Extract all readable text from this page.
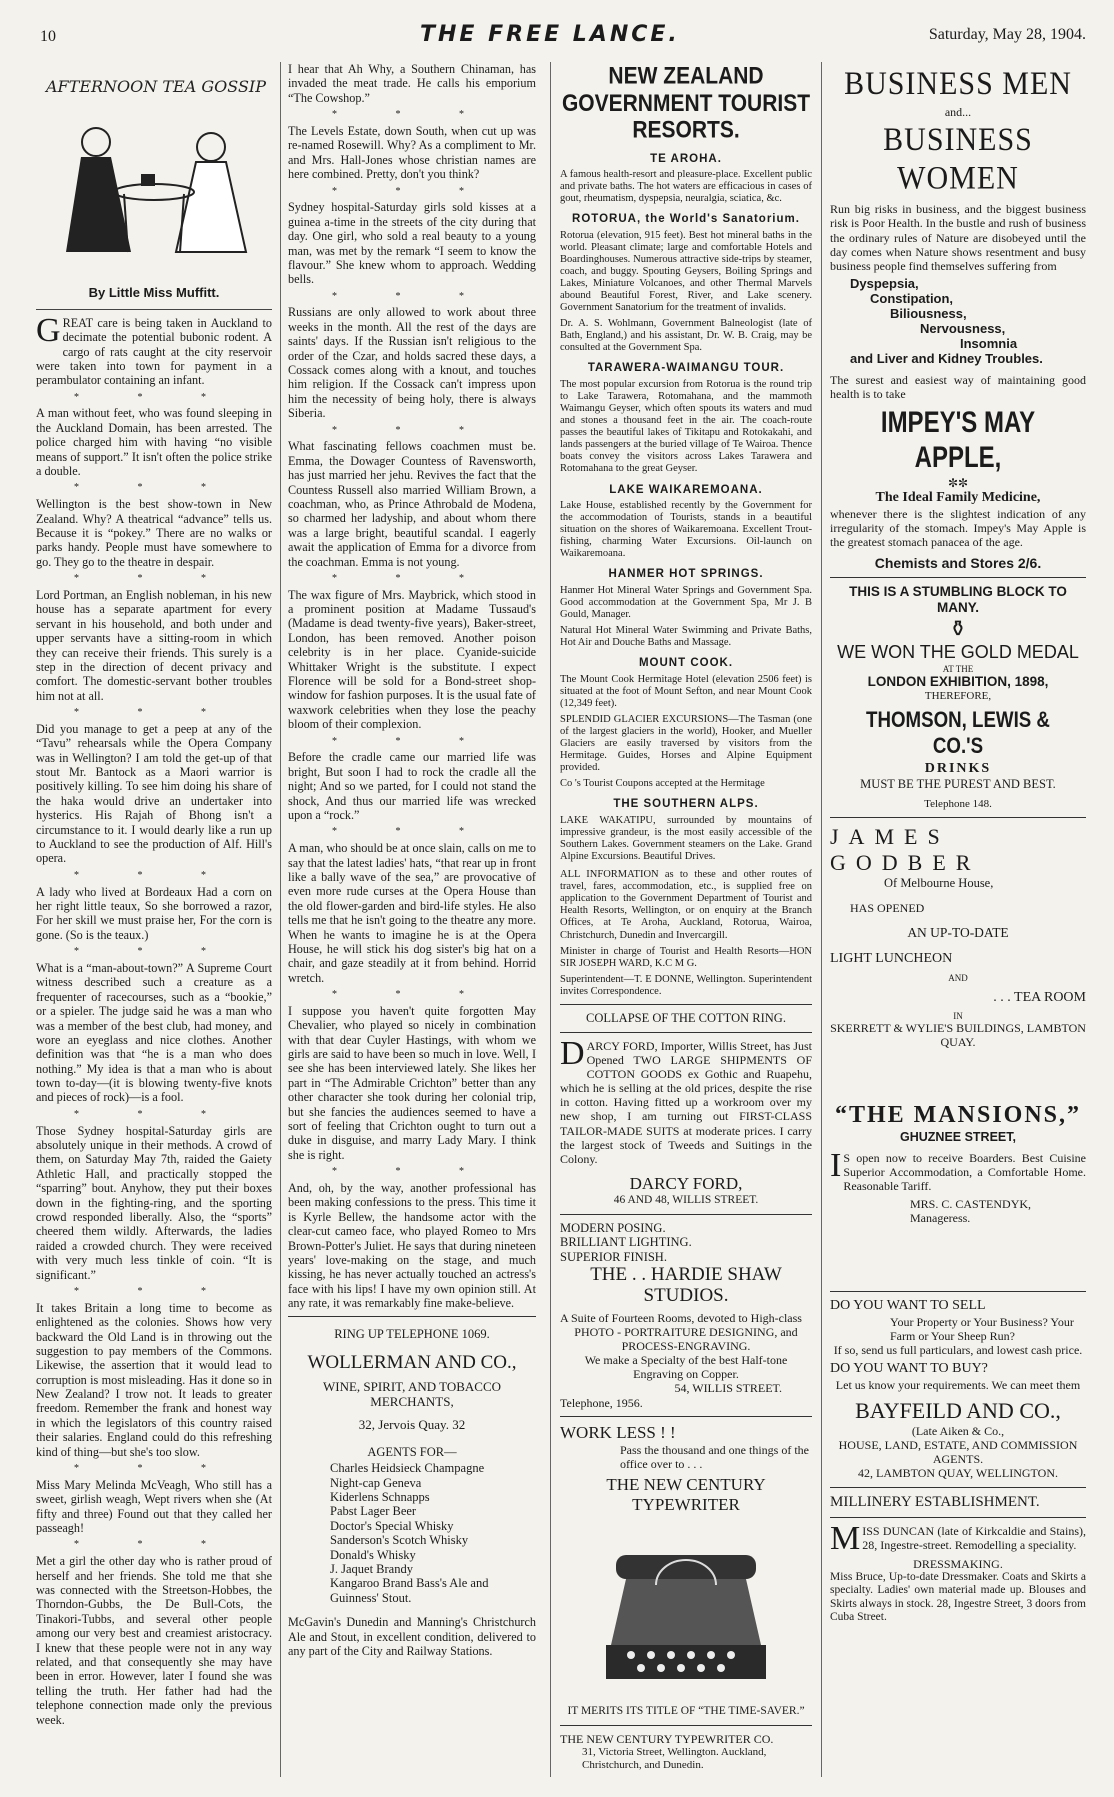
10	THE FREE LANCE.	Saturday, May 28, 1904.
AFTERNOON TEA GOSSIP
By Little Miss Muffitt.

GREAT care is being taken in Auckland to decimate the potential bubonic rodent. A cargo of rats caught at the city reservoir were taken into town for payment in a perambulator containing an infant.

* * *

A man without feet, who was found sleeping in the Auckland Domain, has been arrested. The police charged him with having “no visible means of support.” It isn't often the police strike a double.

* * *

Wellington is the best show-town in New Zealand. Why? A theatrical “advance” tells us. Because it is “pokey.” There are no walks or parks handy. People must have somewhere to go. They go to the theatre in despair.

* * *

Lord Portman, an English nobleman, in his new house has a separate apartment for every servant in his household, and both under and upper servants have a sitting-room in which they can receive their friends. This surely is a step in the direction of decent privacy and comfort. The domestic-servant bother troubles him not at all.

* * *

Did you manage to get a peep at any of the “Tavu” rehearsals while the Opera Company was in Wellington? I am told the get-up of that stout Mr. Bantock as a Maori warrior is positively killing. To see him doing his share of the haka would drive an undertaker into hysterics. His Rajah of Bhong isn't a circumstance to it. I would dearly like a run up to Auckland to see the production of Alf. Hill's opera.

* * *

A lady who lived at Bordeaux Had a corn on her right little teaux, So she borrowed a razor, For her skill we must praise her, For the corn is gone. (So is the teaux.)

* * *

What is a “man-about-town?” A Supreme Court witness described such a creature as a frequenter of racecourses, such as a “bookie,” or a spieler. The judge said he was a man who was a member of the best club, had money, and wore an eyeglass and nice clothes. Another definition was that “he is a man who does nothing.” My idea is that a man who is about town to-day—(it is blowing twenty-five knots and pieces of rock)—is a fool.

* * *

Those Sydney hospital-Saturday girls are absolutely unique in their methods. A crowd of them, on Saturday May 7th, raided the Gaiety Athletic Hall, and practically stopped the “sparring” bout. Anyhow, they put their boxes down in the fighting-ring, and the sporting crowd responded liberally. Also, the “sports” cheered them wildly. Afterwards, the ladies raided a crowded church. They were received with very much less tinkle of coin. “It is significant.”

* * *

It takes Britain a long time to become as enlightened as the colonies. Shows how very backward the Old Land is in throwing out the suggestion to pay members of the Commons. Likewise, the assertion that it would lead to corruption is most misleading. Has it done so in New Zealand? I trow not. It leads to greater freedom. Remember the frank and honest way in which the legislators of this country raised their salaries. England could do this refreshing kind of thing—but she's too slow.

* * *

Miss Mary Melinda McVeagh, Who still has a sweet, girlish weagh, Wept rivers when she (At fifty and three) Found out that they called her passeagh!

* * *

Met a girl the other day who is rather proud of herself and her friends. She told me that she was connected with the Streetson-Hobbes, the Thorndon-Gubbs, the De Bull-Cots, the Tinakori-Tubbs, and several other people among our very best and creamiest aristocracy. I knew that these people were not in any way related, and that consequently she may have been in error. However, later I found she was telling the truth. Her father had had the telephone connection made only the previous week.

I hear that Ah Why, a Southern Chinaman, has invaded the meat trade. He calls his emporium “The Cowshop.”

* * *

The Levels Estate, down South, when cut up was re-named Rosewill. Why? As a compliment to Mr. and Mrs. Hall-Jones whose christian names are here combined. Pretty, don't you think?

* * *

Sydney hospital-Saturday girls sold kisses at a guinea a-time in the streets of the city during that day. One girl, who sold a real beauty to a young man, was met by the remark “I seem to know the flavour.” She knew whom to approach. Wedding bells.

* * *

Russians are only allowed to work about three weeks in the month. All the rest of the days are saints' days. If the Russian isn't religious to the order of the Czar, and holds sacred these days, a Cossack comes along with a knout, and touches him religion. If the Cossack can't impress upon him the necessity of being holy, there is always Siberia.

* * *

What fascinating fellows coachmen must be. Emma, the Dowager Countess of Ravensworth, has just married her jehu. Revives the fact that the Countess Russell also married William Brown, a coachman, who, as Prince Athrobald de Modena, so charmed her ladyship, and about whom there was a large bright, beautiful scandal. I eagerly await the application of Emma for a divorce from the coachman. Emma is not young.

* * *

The wax figure of Mrs. Maybrick, which stood in a prominent position at Madame Tussaud's (Madame is dead twenty-five years), Baker-street, London, has been removed. Another poison celebrity is in her place. Cyanide-suicide Whittaker Wright is the substitute. I expect Florence will be sold for a Bond-street shop-window for fashion purposes. It is the usual fate of waxwork celebrities when they lose the peachy bloom of their complexion.

* * *

Before the cradle came our married life was bright, But soon I had to rock the cradle all the night; And so we parted, for I could not stand the shock, And thus our married life was wrecked upon a “rock.”

* * *

A man, who should be at once slain, calls on me to say that the latest ladies' hats, “that rear up in front like a bally wave of the sea,” are provocative of even more rude curses at the Opera House than the old flower-garden and bird-life styles. He also tells me that he isn't going to the theatre any more. When he wants to imagine he is at the Opera House, he will stick his dog sister's big hat on a chair, and gaze steadily at it from behind. Horrid wretch.

* * *

I suppose you haven't quite forgotten May Chevalier, who played so nicely in combination with that dear Cuyler Hastings, with whom we girls are said to have been so much in love. Well, I see she has been interviewed lately. She likes her part in “The Admirable Crichton” better than any other character she took during her colonial trip, but she fancies the audiences seemed to have a sort of feeling that Crichton ought to turn out a duke in disguise, and marry Lady Mary. I think she is right.

* * *

And, oh, by the way, another professional has been making confessions to the press. This time it is Kyrle Bellew, the handsome actor with the clear-cut cameo face, who played Romeo to Mrs Brown-Potter's Juliet. He says that during nineteen years' love-making on the stage, and much kissing, he has never actually touched an actress's face with his lips! I have my own opinion still. At any rate, it was remarkably fine make-believe.

RING UP TELEPHONE 1069.
WOLLERMAN AND CO.,
WINE, SPIRIT, AND TOBACCO MERCHANTS,
32, Jervois Quay. 32
AGENTS FOR—
Charles Heidsieck Champagne
Night-cap Geneva
Kiderlens Schnapps
Pabst Lager Beer
Doctor's Special Whisky
Sanderson's Scotch Whisky
Donald's Whisky
J. Jaquet Brandy
Kangaroo Brand Bass's Ale and Guinness' Stout.

McGavin's Dunedin and Manning's Christchurch Ale and Stout, in excellent condition, delivered to any part of the City and Railway Stations.

NEW ZEALAND GOVERNMENT TOURIST RESORTS.
TE AROHA.

A famous health-resort and pleasure-place. Excellent public and private baths. The hot waters are efficacious in cases of gout, rheumatism, dyspepsia, neuralgia, sciatica, &c.

ROTORUA, the World's Sanatorium.

Rotorua (elevation, 915 feet). Best hot mineral baths in the world. Pleasant climate; large and comfortable Hotels and Boardinghouses. Numerous attractive side-trips by steamer, coach, and buggy. Spouting Geysers, Boiling Springs and Lakes, Miniature Volcanoes, and other Thermal Marvels abound Beautiful Forest, River, and Lake scenery. Government Sanatorium for the treatment of invalids.

Dr. A. S. Wohlmann, Government Balneologist (late of Bath, England,) and his assistant, Dr. W. B. Craig, may be consulted at the Government Spa.

TARAWERA-WAIMANGU TOUR.

The most popular excursion from Rotorua is the round trip to Lake Tarawera, Rotomahana, and the mammoth Waimangu Geyser, which often spouts its waters and mud and stones a thousand feet in the air. The coach-route passes the beautiful lakes of Tikitapu and Rotokakahi, and lands passengers at the buried village of Te Wairoa. Thence boats convey the visitors across Lakes Tarawera and Rotomahana to the great Geyser.

LAKE WAIKAREMOANA.

Lake House, established recently by the Government for the accommodation of Tourists, stands in a beautiful situation on the shores of Waikaremoana. Excellent Trout-fishing, charming Water Excursions. Oil-launch on Waikaremoana.

HANMER HOT SPRINGS.

Hanmer Hot Mineral Water Springs and Government Spa. Good accommodation at the Government Spa, Mr J. B Gould, Manager.

Natural Hot Mineral Water Swimming and Private Baths, Hot Air and Douche Baths and Massage.

MOUNT COOK.

The Mount Cook Hermitage Hotel (elevation 2506 feet) is situated at the foot of Mount Sefton, and near Mount Cook (12,349 feet).

SPLENDID GLACIER EXCURSIONS—The Tasman (one of the largest glaciers in the world), Hooker, and Mueller Glaciers are easily traversed by visitors from the Hermitage. Guides, Horses and Alpine Equipment provided.

Co 's Tourist Coupons accepted at the Hermitage

THE SOUTHERN ALPS.

LAKE WAKATIPU, surrounded by mountains of impressive grandeur, is the most easily accessible of the Southern Lakes. Government steamers on the Lake. Grand Alpine Excursions. Beautiful Drives.

ALL INFORMATION as to these and other routes of travel, fares, accommodation, etc., is supplied free on application to the Government Department of Tourist and Health Resorts, Wellington, or on enquiry at the Branch Offices, at Te Aroha, Auckland, Rotorua, Wairoa, Christchurch, Dunedin and Invercargill.

Minister in charge of Tourist and Health Resorts—HON SIR JOSEPH WARD, K.C M G.

Superintendent—T. E DONNE, Wellington. Superintendent invites Correspondence.

COLLAPSE OF THE COTTON RING.

DARCY FORD, Importer, Willis Street, has Just Opened TWO LARGE SHIPMENTS OF COTTON GOODS ex Gothic and Ruapehu, which he is selling at the old prices, despite the rise in cotton. Having fitted up a workroom over my new shop, I am turning out FIRST-CLASS TAILOR-MADE SUITS at moderate prices. I carry the largest stock of Tweeds and Suitings in the Colony.

DARCY FORD,
46 AND 48, WILLIS STREET.
MODERN POSING. BRILLIANT LIGHTING. SUPERIOR FINISH.
THE . . HARDIE SHAW STUDIOS.
A Suite of Fourteen Rooms, devoted to High-class
PHOTO - PORTRAITURE DESIGNING, and PROCESS-ENGRAVING.
We make a Specialty of the best Half-tone Engraving on Copper.
54, WILLIS STREET.
Telephone, 1956.
WORK LESS ! !
Pass the thousand and one things of the office over to . . .
THE NEW CENTURY TYPEWRITER
IT MERITS ITS TITLE OF “THE TIME-SAVER.”
THE NEW CENTURY TYPEWRITER CO.
31, Victoria Street, Wellington. Auckland, Christchurch, and Dunedin.
BUSINESS MEN
and...
BUSINESS WOMEN

Run big risks in business, and the biggest business risk is Poor Health. In the bustle and rush of business the ordinary rules of Nature are disobeyed until the day comes when Nature shows resentment and busy business people find themselves suffering from

Dyspepsia,
Constipation,
Biliousness,
Nervousness,
Insomnia
and Liver and Kidney Troubles.

The surest and easiest way of maintaining good health is to take

IMPEY'S MAY APPLE,
✼✼
The Ideal Family Medicine,

whenever there is the slightest indication of any irregularity of the stomach. Impey's May Apple is the greatest stomach panacea of the age.

Chemists and Stores 2/6.
THIS IS A STUMBLING BLOCK TO MANY.
⚱
WE WON THE GOLD MEDAL
AT THE
LONDON EXHIBITION, 1898,
THEREFORE,
THOMSON, LEWIS & CO.'S
DRINKS
MUST BE THE PUREST AND BEST.
Telephone 148.
JAMES GODBER
Of Melbourne House,
HAS OPENED
AN UP-TO-DATE
LIGHT LUNCHEON
AND
. . . TEA ROOM
IN
SKERRETT & WYLIE'S BUILDINGS, LAMBTON QUAY.
“THE MANSIONS,”
GHUZNEE STREET,

IS open now to receive Boarders. Best Cuisine Superior Accommodation, a Comfortable Home. Reasonable Tariff.

MRS. C. CASTENDYK, Manageress.
DO YOU WANT TO SELL
Your Property or Your Business? Your Farm or Your Sheep Run?
If so, send us full particulars, and lowest cash price.
DO YOU WANT TO BUY?
Let us know your requirements. We can meet them
BAYFEILD AND CO.,
(Late Aiken & Co.,
HOUSE, LAND, ESTATE, AND COMMISSION AGENTS.
42, LAMBTON QUAY, WELLINGTON.
MILLINERY ESTABLISHMENT.

MISS DUNCAN (late of Kirkcaldie and Stains), 28, Ingestre-street. Remodelling a speciality.

DRESSMAKING.

Miss Bruce, Up-to-date Dressmaker. Coats and Skirts a specialty. Ladies' own material made up. Blouses and Skirts always in stock. 28, Ingestre Street, 3 doors from Cuba Street.
